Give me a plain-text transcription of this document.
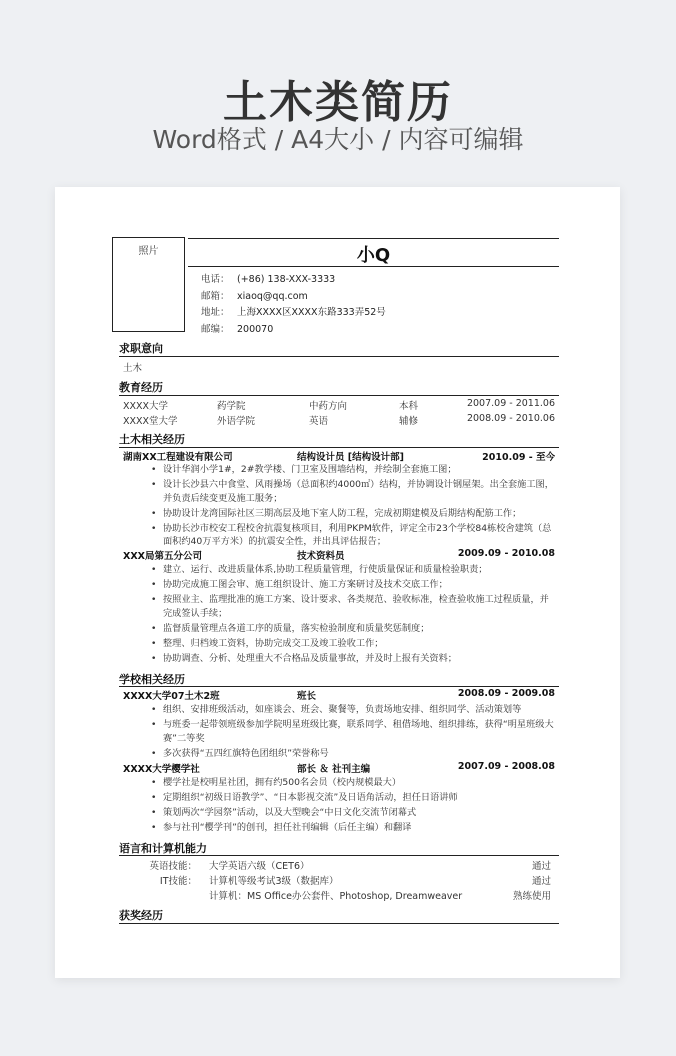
土木类简历
Word格式 / A4大小 / 内容可编辑
照片	小Q
电话： (+86) 138-XXX-3333
邮箱： xiaoq@qq.com
地址： 上海XXXX区XXXX东路333弄52号
邮编： 200070
求职意向
土木
教育经历
XXXX大学	药学院	中药方向	本科	2007.09 - 2011.06
XXXX堂大学	外语学院	英语	辅修	2008.09 - 2010.06
土木相关经历
湖南XX工程建设有限公司	结构设计员 [结构设计部]	2010.09 - 至今
• 设计华润小学1#，2#教学楼、门卫室及围墙结构，并绘制全套施工图；
• 设计长沙县六中食堂、风雨操场（总面积约4000㎡）结构，并协调设计钢屋架。出全套施工图，并负责后续变更及施工服务；
• 协助设计龙湾国际社区三期高层及地下室人防工程，完成初期建模及后期结构配筋工作；
• 协助长沙市校安工程校舍抗震复核项目，利用PKPM软件，评定全市23个学校84栋校舍建筑（总面积约40万平方米）的抗震安全性，并出具评估报告；
XXX局第五分公司	技术资料员	2009.09 - 2010.08
• 建立、运行、改进质量体系,协助工程质量管理，行使质量保证和质量检验职责；
• 协助完成施工图会审、施工组织设计、施工方案研讨及技术交底工作；
• 按照业主、监理批准的施工方案、设计要求、各类规范、验收标准，检查验收施工过程质量，并完成签认手续；
• 监督质量管理点各道工序的质量，落实检验制度和质量奖惩制度；
• 整理、归档竣工资料，协助完成交工及竣工验收工作；
• 协助调查、分析、处理重大不合格品及质量事故，并及时上报有关资料；
学校相关经历
XXXX大学07土木2班	班长	2008.09 - 2009.08
• 组织、安排班级活动，如座谈会、班会、聚餐等，负责场地安排、组织同学、活动策划等
• 与班委一起带领班级参加学院明星班级比赛，联系同学、租借场地、组织排练，获得“明星班级大赛”二等奖
• 多次获得“五四红旗特色团组织”荣誉称号
XXXX大学樱学社	部长 ＆ 社刊主编	2007.09 - 2008.08
• 樱学社是校明星社团，拥有约500名会员（校内规模最大）
• 定期组织“初级日语教学”、“日本影视交流”及日语角活动，担任日语讲师
• 策划两次“学园祭”活动，以及大型晚会“中日文化交流节闭幕式
• 参与社刊“樱学刊”的创刊，担任社刊编辑（后任主编）和翻译
语言和计算机能力
英语技能： 大学英语六级（CET6）	通过
IT技能： 计算机等级考试3级（数据库）	通过
计算机：MS Office办公套件、Photoshop, Dreamweaver	熟练使用
获奖经历
